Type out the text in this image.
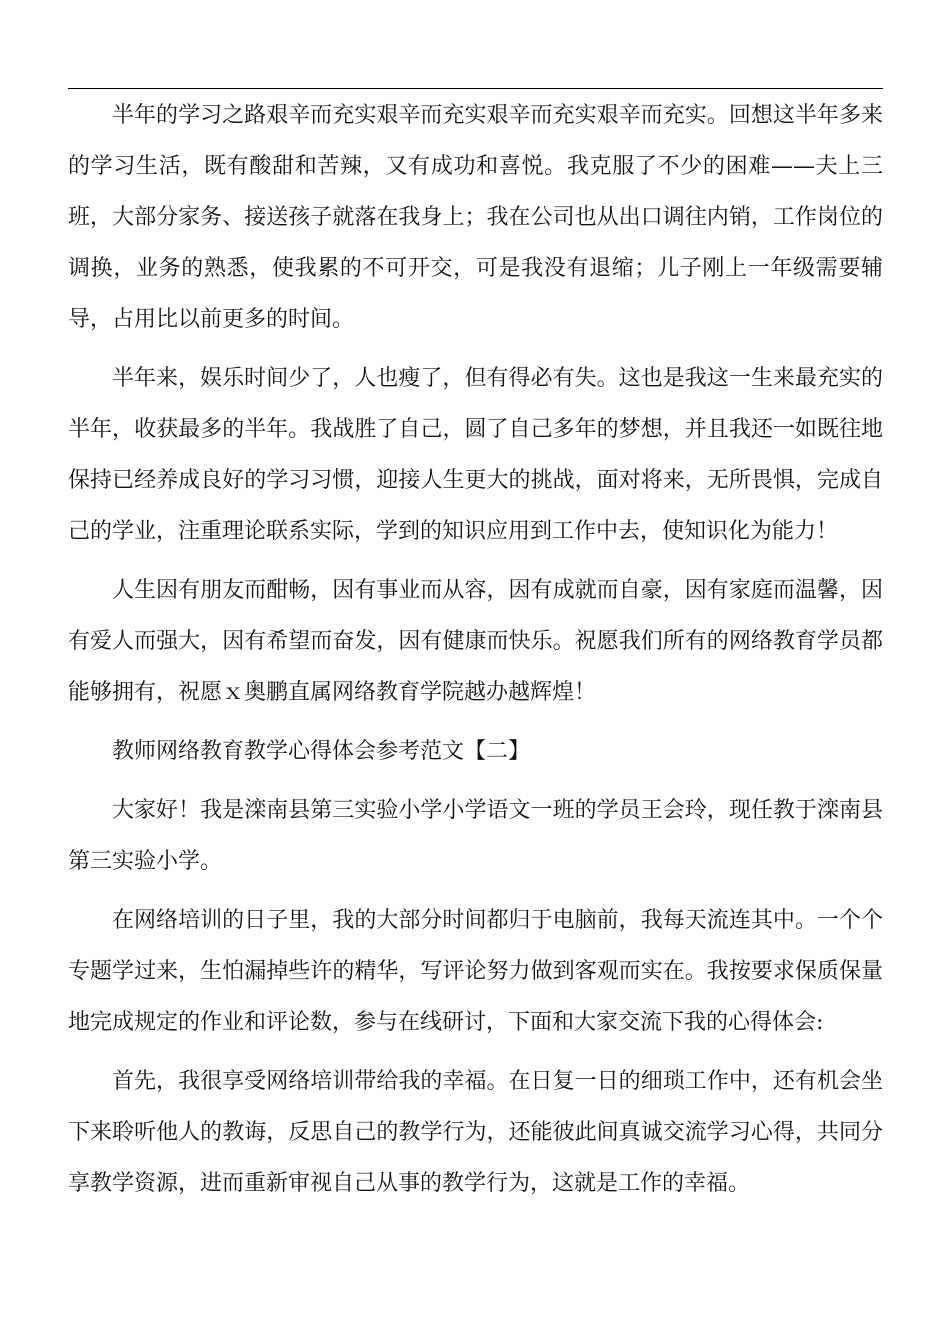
半年的学习之路艰辛而充实艰辛而充实艰辛而充实艰辛而充实。回想这半年多来的学习生活，既有酸甜和苦辣，又有成功和喜悦。我克服了不少的困难——夫上三班，大部分家务、接送孩子就落在我身上；我在公司也从出口调往内销，工作岗位的调换，业务的熟悉，使我累的不可开交，可是我没有退缩；儿子刚上一年级需要辅导，占用比以前更多的时间。

半年来，娱乐时间少了，人也瘦了，但有得必有失。这也是我这一生来最充实的半年，收获最多的半年。我战胜了自己，圆了自己多年的梦想，并且我还一如既往地保持已经养成良好的学习习惯，迎接人生更大的挑战，面对将来，无所畏惧，完成自己的学业，注重理论联系实际，学到的知识应用到工作中去，使知识化为能力！

人生因有朋友而酣畅，因有事业而从容，因有成就而自豪，因有家庭而温馨，因有爱人而强大，因有希望而奋发，因有健康而快乐。祝愿我们所有的网络教育学员都能够拥有，祝愿ｘ奥鹏直属网络教育学院越办越辉煌！

教师网络教育教学心得体会参考范文【二】

大家好！我是滦南县第三实验小学小学语文一班的学员王会玲，现任教于滦南县第三实验小学。

在网络培训的日子里，我的大部分时间都归于电脑前，我每天流连其中。一个个专题学过来，生怕漏掉些许的精华，写评论努力做到客观而实在。我按要求保质保量地完成规定的作业和评论数，参与在线研讨，下面和大家交流下我的心得体会:

首先，我很享受网络培训带给我的幸福。在日复一日的细琐工作中，还有机会坐下来聆听他人的教诲，反思自己的教学行为，还能彼此间真诚交流学习心得，共同分享教学资源，进而重新审视自己从事的教学行为，这就是工作的幸福。
